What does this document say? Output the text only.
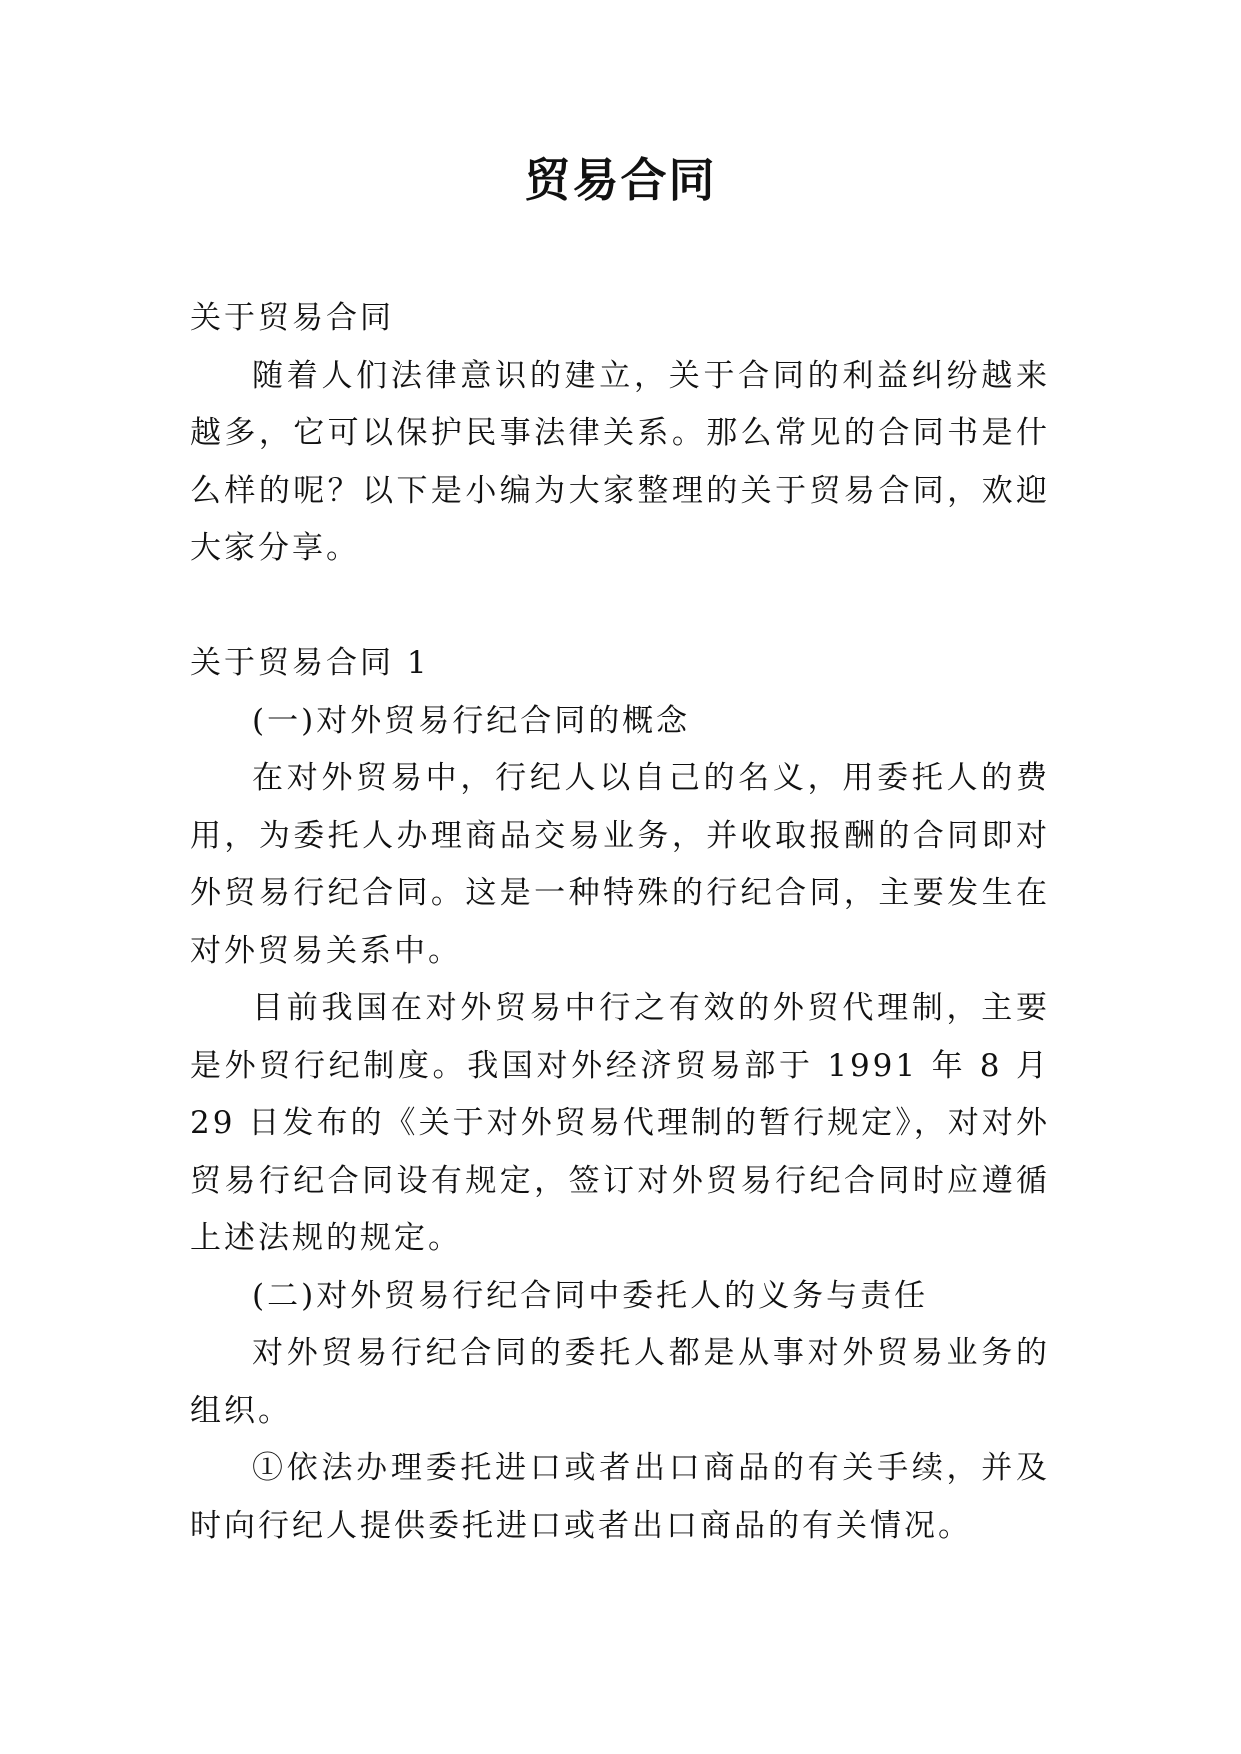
贸易合同

关于贸易合同

随着人们法律意识的建立，关于合同的利益纠纷越来越多，它可以保护民事法律关系。那么常见的合同书是什么样的呢？以下是小编为大家整理的关于贸易合同，欢迎大家分享。

关于贸易合同 1

(一)对外贸易行纪合同的概念

在对外贸易中，行纪人以自己的名义，用委托人的费用，为委托人办理商品交易业务，并收取报酬的合同即对外贸易行纪合同。这是一种特殊的行纪合同，主要发生在对外贸易关系中。

目前我国在对外贸易中行之有效的外贸代理制，主要是外贸行纪制度。我国对外经济贸易部于 1991 年 8 月 29 日发布的《关于对外贸易代理制的暂行规定》，对对外贸易行纪合同设有规定，签订对外贸易行纪合同时应遵循上述法规的规定。

(二)对外贸易行纪合同中委托人的义务与责任

对外贸易行纪合同的委托人都是从事对外贸易业务的组织。

①依法办理委托进口或者出口商品的有关手续，并及时向行纪人提供委托进口或者出口商品的有关情况。
